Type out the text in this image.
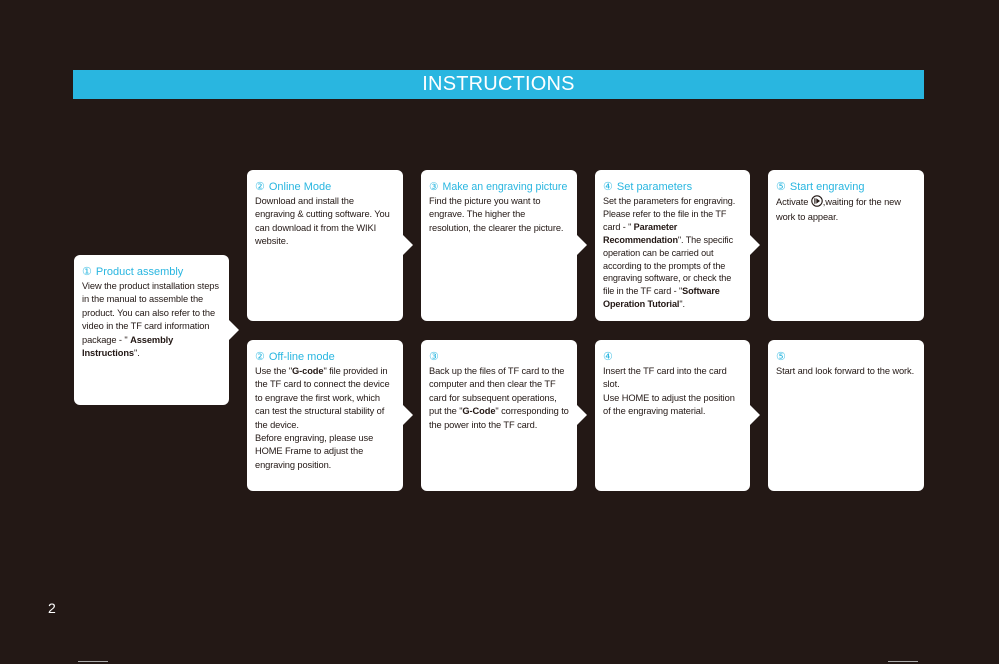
INSTRUCTIONS
① Product assembly
View the product installation steps in the manual to assemble the product. You can also refer to the video in the TF card information package - " Assembly Instructions".
② Online Mode
Download and install the engraving & cutting software. You can download it from the WIKI website.
③ Make an engraving picture
Find the picture you want to engrave. The higher the resolution, the clearer the picture.
④ Set parameters
Set the parameters for engraving. Please refer to the file in the TF card - " Parameter Recommendation". The specific operation can be carried out according to the prompts of the engraving software, or check the file in the TF card - "Software Operation Tutorial".
⑤ Start engraving
Activate ,waiting for the new work to appear.
② Off-line mode
Use the "G-code" file provided in the TF card to connect the device to engrave the first work, which can test the structural stability of the device.
Before engraving, please use HOME Frame to adjust the engraving position.
③
Back up the files of TF card to the computer and then clear the TF card for subsequent operations, put the "G-Code" corresponding to the power into the TF card.
④
Insert the TF card into the card slot.
Use HOME to adjust the position of the engraving material.
⑤
Start and look forward to the work.
2
